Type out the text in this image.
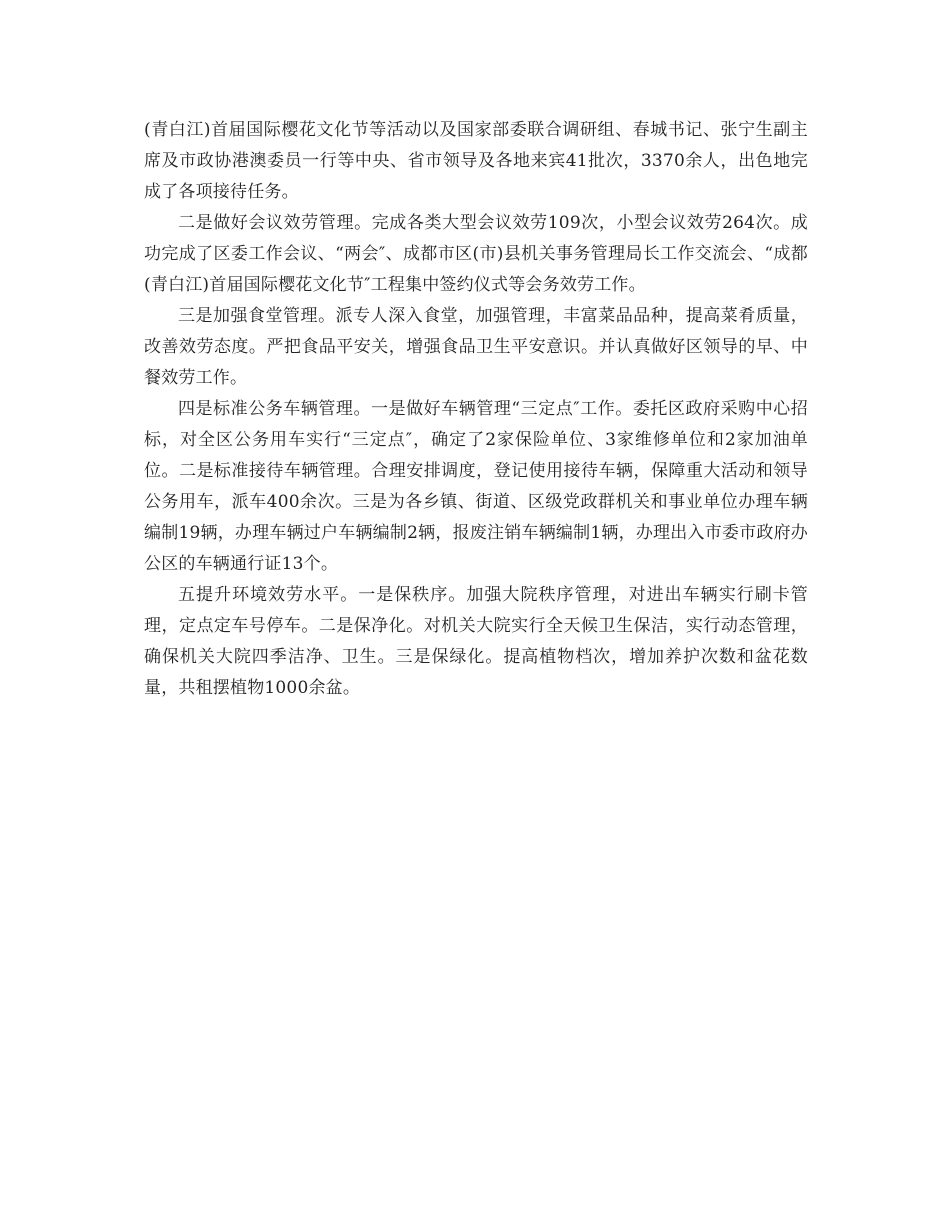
(青白江)首届国际樱花文化节等活动以及国家部委联合调研组、春城书记、张宁生副主席及市政协港澳委员一行等中央、省市领导及各地来宾41批次，3370余人，出色地完成了各项接待任务。

二是做好会议效劳管理。完成各类大型会议效劳109次，小型会议效劳264次。成功完成了区委工作会议、“两会″、成都市区(市)县机关事务管理局长工作交流会、“成都(青白江)首届国际樱花文化节″工程集中签约仪式等会务效劳工作。

三是加强食堂管理。派专人深入食堂，加强管理，丰富菜品品种，提高菜肴质量，改善效劳态度。严把食品平安关，增强食品卫生平安意识。并认真做好区领导的早、中餐效劳工作。

四是标准公务车辆管理。一是做好车辆管理“三定点″工作。委托区政府采购中心招标，对全区公务用车实行“三定点″，确定了2家保险单位、3家维修单位和2家加油单位。二是标准接待车辆管理。合理安排调度，登记使用接待车辆，保障重大活动和领导公务用车，派车400余次。三是为各乡镇、街道、区级党政群机关和事业单位办理车辆编制19辆，办理车辆过户车辆编制2辆，报废注销车辆编制1辆，办理出入市委市政府办公区的车辆通行证13个。

五提升环境效劳水平。一是保秩序。加强大院秩序管理，对进出车辆实行刷卡管理，定点定车号停车。二是保净化。对机关大院实行全天候卫生保洁，实行动态管理，确保机关大院四季洁净、卫生。三是保绿化。提高植物档次，增加养护次数和盆花数量，共租摆植物1000余盆。
